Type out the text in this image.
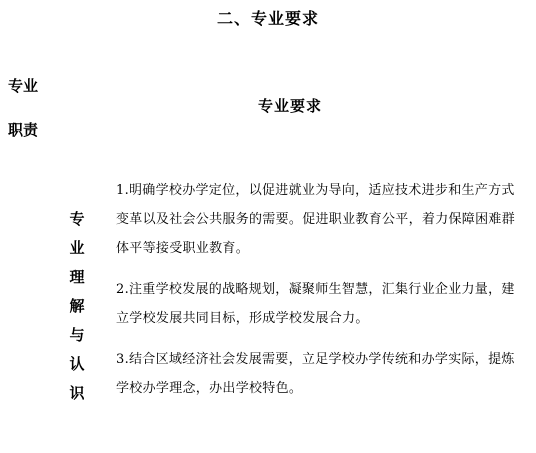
二、专业要求
专业
职责
专业要求
专
业
理
解
与
认
识

1.明确学校办学定位，以促进就业为导向，适应技术进步和生产方式变革以及社会公共服务的需要。促进职业教育公平，着力保障困难群体平等接受职业教育。

2.注重学校发展的战略规划，凝聚师生智慧，汇集行业企业力量，建立学校发展共同目标，形成学校发展合力。

3.结合区域经济社会发展需要，立足学校办学传统和办学实际，提炼学校办学理念，办出学校特色。
